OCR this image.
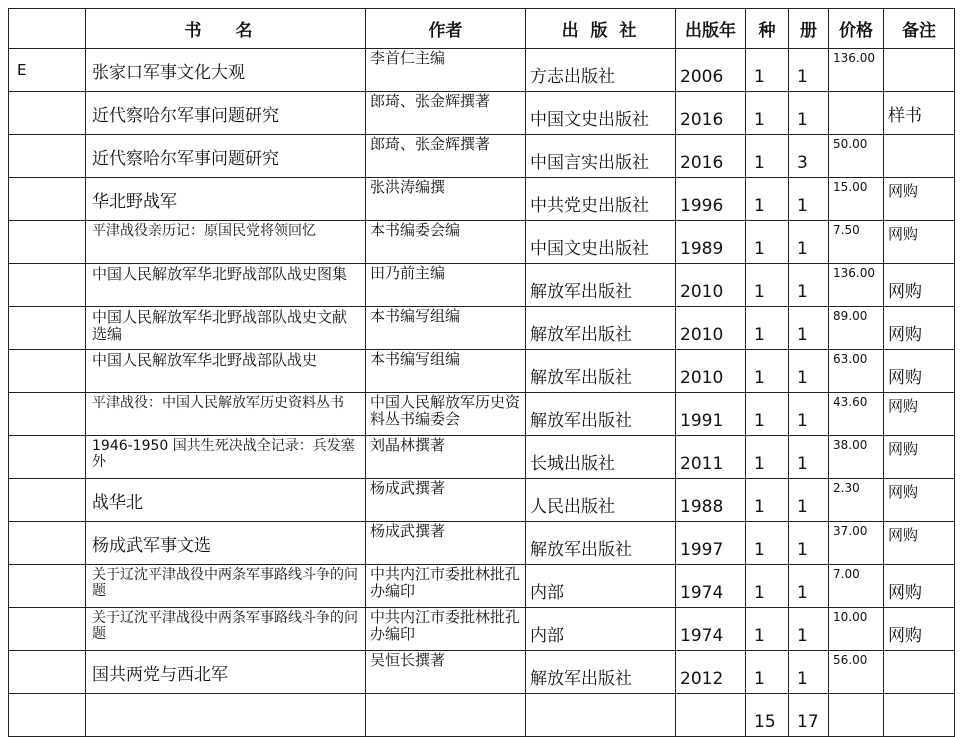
	书 名	作者	出 版 社	出版年	种	册	价格	备注
E	张家口军事文化大观	李首仁主编	方志出版社	2006	1	1	136.00	
	近代察哈尔军事问题研究	郎琦、张金辉撰著	中国文史出版社	2016	1	1		样书
	近代察哈尔军事问题研究	郎琦、张金辉撰著	中国言实出版社	2016	1	3	50.00	
	华北野战军	张洪涛编撰	中共党史出版社	1996	1	1	15.00	网购
	平津战役亲历记：原国民党将领回忆	本书编委会编	中国文史出版社	1989	1	1	7.50	网购
	中国人民解放军华北野战部队战史图集	田乃前主编	解放军出版社	2010	1	1	136.00	网购
	中国人民解放军华北野战部队战史文献选编	本书编写组编	解放军出版社	2010	1	1	89.00	网购
	中国人民解放军华北野战部队战史	本书编写组编	解放军出版社	2010	1	1	63.00	网购
	平津战役：中国人民解放军历史资料丛书	中国人民解放军历史资料丛书编委会	解放军出版社	1991	1	1	43.60	网购
	1946-1950 国共生死决战全记录：兵发塞外	刘晶林撰著	长城出版社	2011	1	1	38.00	网购
	战华北	杨成武撰著	人民出版社	1988	1	1	2.30	网购
	杨成武军事文选	杨成武撰著	解放军出版社	1997	1	1	37.00	网购
	关于辽沈平津战役中两条军事路线斗争的问题	中共内江市委批林批孔办编印	内部	1974	1	1	7.00	网购
	关于辽沈平津战役中两条军事路线斗争的问题	中共内江市委批林批孔办编印	内部	1974	1	1	10.00	网购
	国共两党与西北军	吴恒长撰著	解放军出版社	2012	1	1	56.00	
					15	17		
